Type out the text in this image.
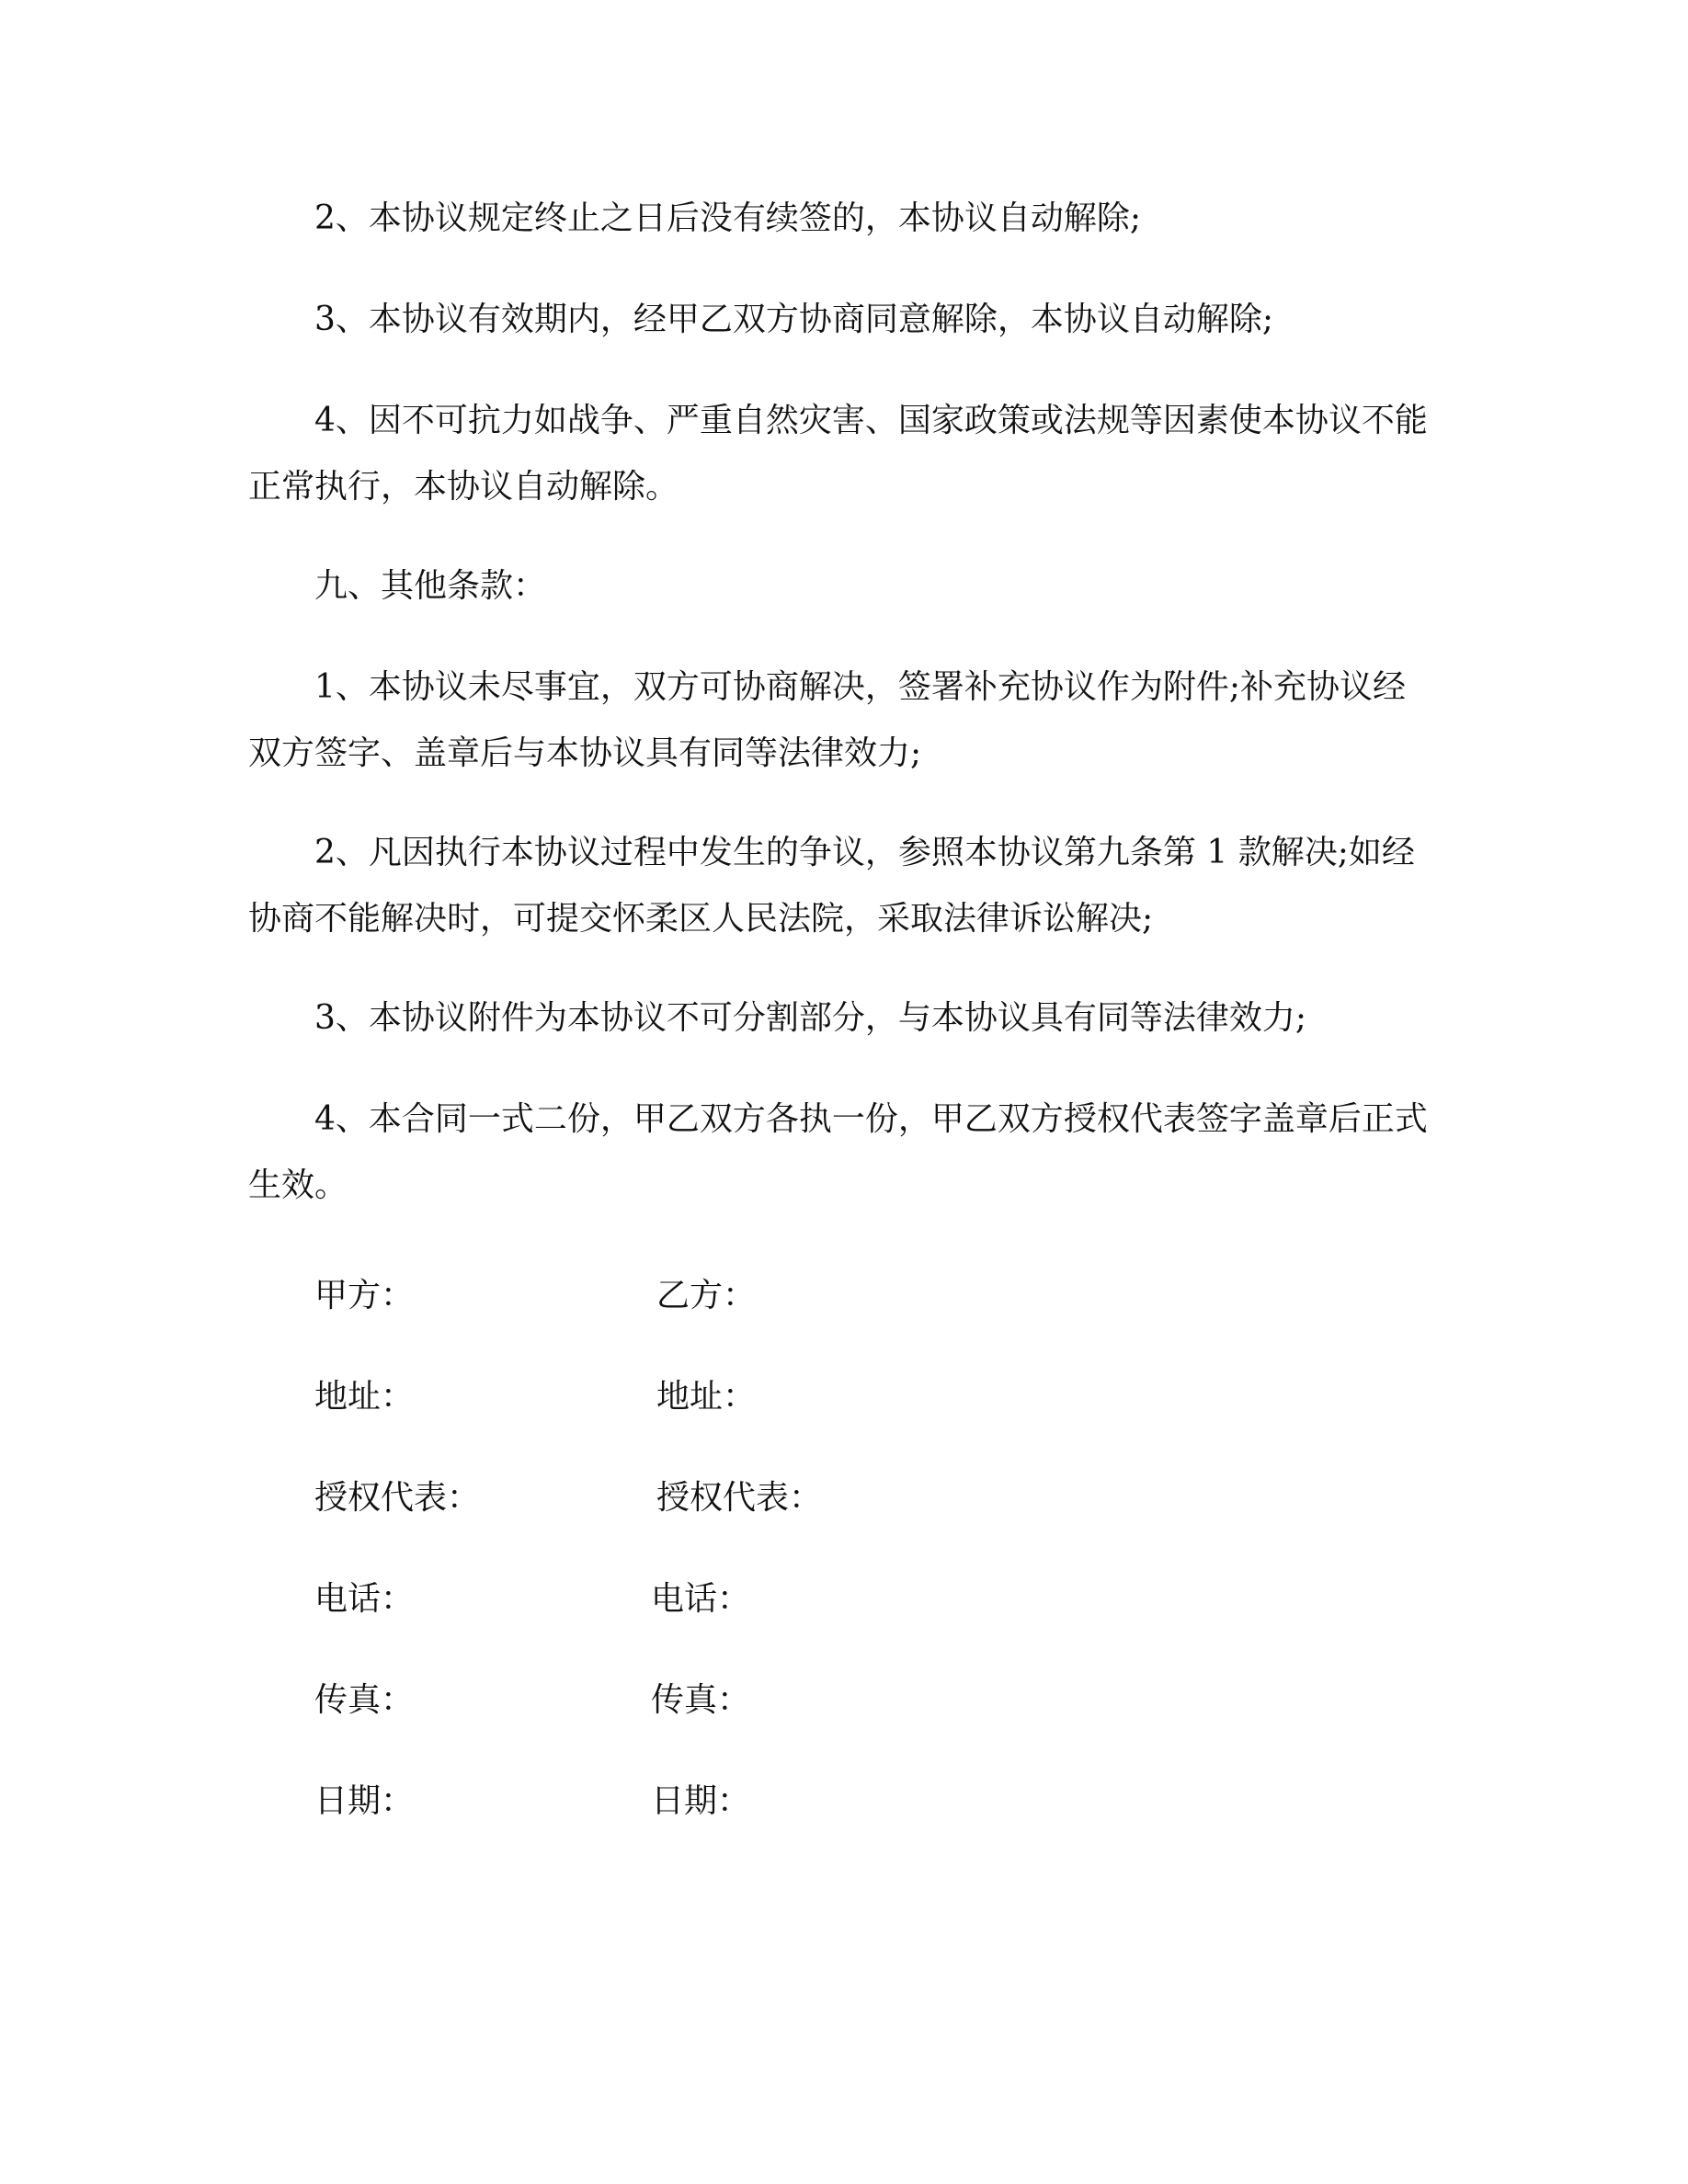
2、本协议规定终止之日后没有续签的，本协议自动解除;

3、本协议有效期内，经甲乙双方协商同意解除，本协议自动解除;

4、因不可抗力如战争、严重自然灾害、国家政策或法规等因素使本协议不能正常执行，本协议自动解除。

九、其他条款：

1、本协议未尽事宜，双方可协商解决，签署补充协议作为附件;补充协议经双方签字、盖章后与本协议具有同等法律效力;

2、凡因执行本协议过程中发生的争议，参照本协议第九条第 1 款解决;如经协商不能解决时，可提交怀柔区人民法院，采取法律诉讼解决;

3、本协议附件为本协议不可分割部分，与本协议具有同等法律效力;

4、本合同一式二份，甲乙双方各执一份，甲乙双方授权代表签字盖章后正式生效。

甲方：	乙方：
地址：	地址：
授权代表：	授权代表：
电话：	电话：
传真：	传真：
日期：	日期：
